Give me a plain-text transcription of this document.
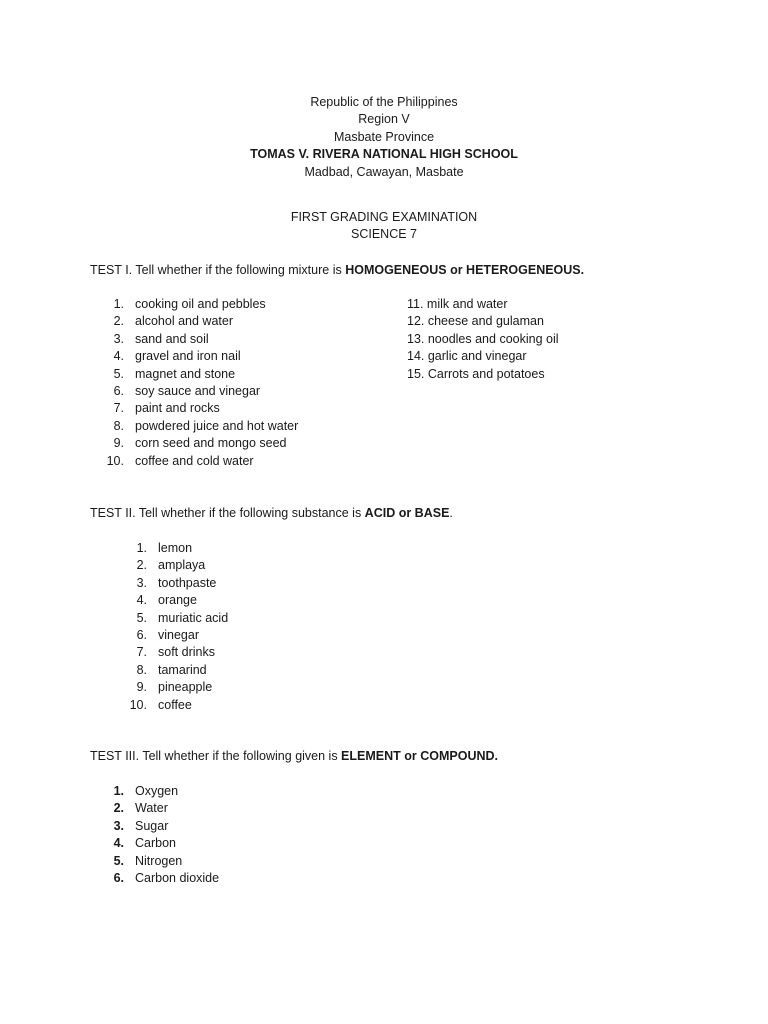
Republic of the Philippines
Region V
Masbate Province
TOMAS V. RIVERA NATIONAL HIGH SCHOOL
Madbad, Cawayan, Masbate
FIRST GRADING EXAMINATION
SCIENCE 7
TEST I. Tell whether if the following mixture is HOMOGENEOUS or HETEROGENEOUS.
1. cooking oil and pebbles
2. alcohol and water
3. sand and soil
4. gravel and iron nail
5. magnet and stone
6. soy sauce and vinegar
7. paint and rocks
8. powdered juice and hot water
9. corn seed and mongo seed
10. coffee and cold water
11. milk and water
12. cheese and gulaman
13. noodles and cooking oil
14. garlic and vinegar
15. Carrots and potatoes
TEST II. Tell whether if the following substance is ACID or BASE.
1. lemon
2. amplaya
3. toothpaste
4. orange
5. muriatic acid
6. vinegar
7. soft drinks
8. tamarind
9. pineapple
10. coffee
TEST III. Tell whether if the following given is ELEMENT or COMPOUND.
1. Oxygen
2. Water
3. Sugar
4. Carbon
5. Nitrogen
6. Carbon dioxide
